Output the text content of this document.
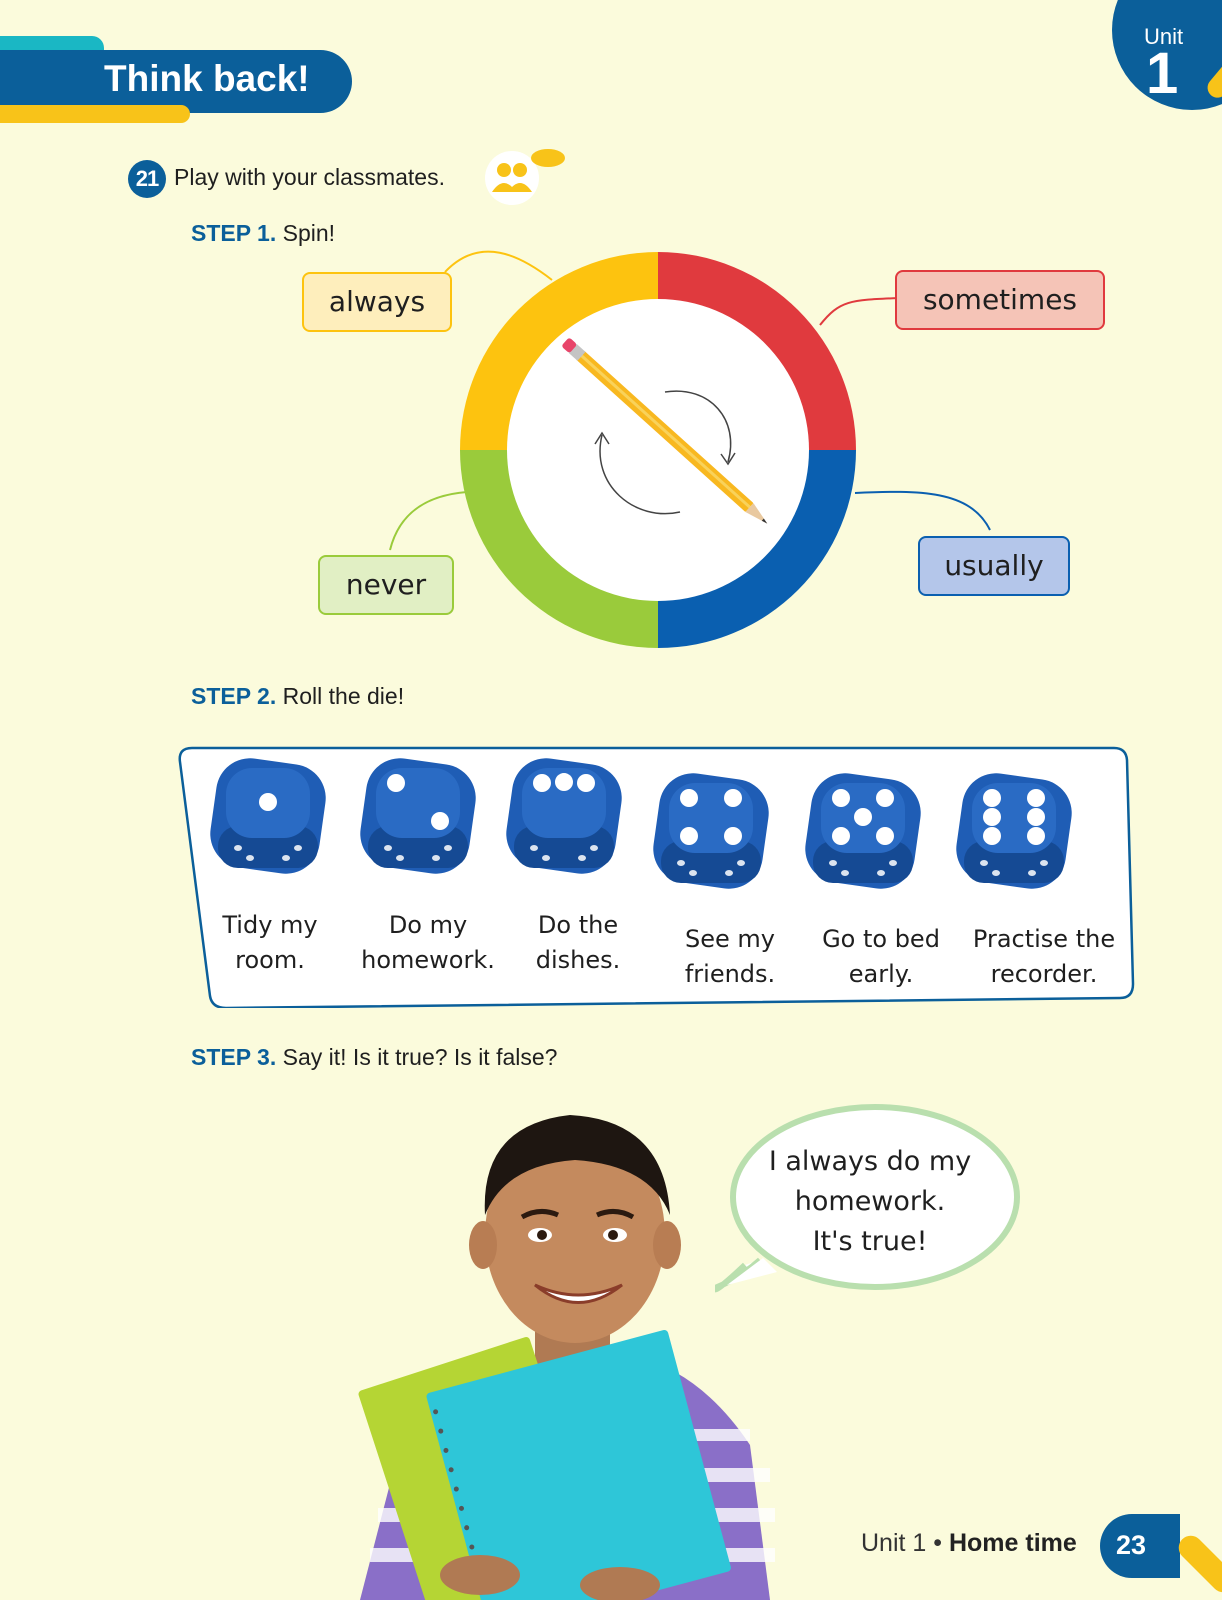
Think back!
Unit
1
21 Play with your classmates.
STEP 1. Spin!
always	sometimes
usually
never
STEP 2. Roll the die!
Tidy my
room.
Do my
homework.
Do the
dishes.
See my
friends.
Go to bed
early.
Practise the
recorder.
STEP 3. Say it! Is it true? Is it false?
I always do my
homework.
It's true!
Unit 1 • Home time 23
